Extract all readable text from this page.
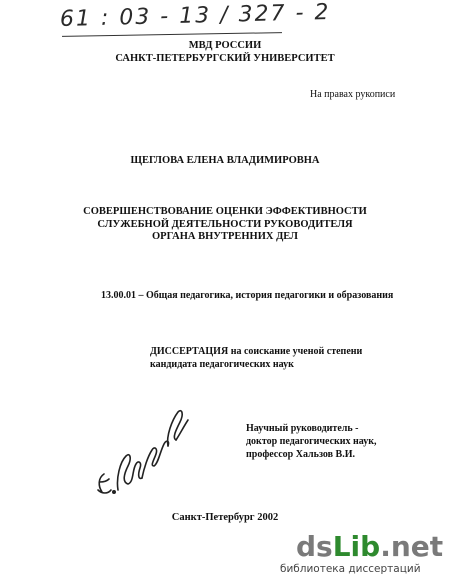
61 : 03 - 13 / 327 - 2
МВД РОССИИ
САНКТ-ПЕТЕРБУРГСКИЙ УНИВЕРСИТЕТ
На правах рукописи
ЩЕГЛОВА ЕЛЕНА ВЛАДИМИРОВНА
СОВЕРШЕНСТВОВАНИЕ ОЦЕНКИ ЭФФЕКТИВНОСТИ
СЛУЖЕБНОЙ ДЕЯТЕЛЬНОСТИ РУКОВОДИТЕЛЯ
ОРГАНА ВНУТРЕННИХ ДЕЛ
13.00.01 – Общая педагогика, история педагогики и образования
ДИССЕРТАЦИЯ на соискание ученой степени
кандидата педагогических наук
Научный руководитель -
доктор педагогических наук,
профессор Хальзов В.И.
Санкт-Петербург 2002
dsLib.net
библиотека диссертаций
